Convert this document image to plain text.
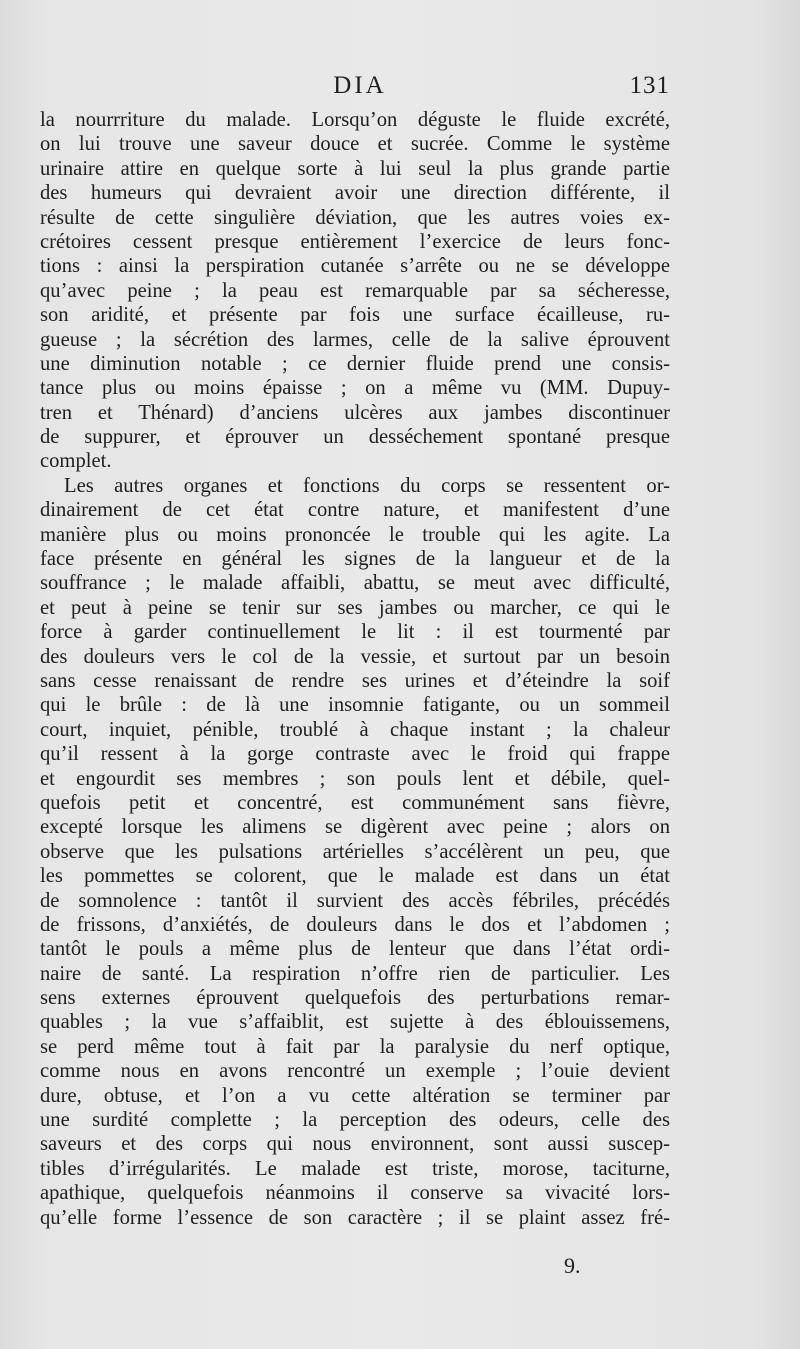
DIA	131
la nourrriture du malade. Lorsqu’on déguste le fluide excrété,
on lui trouve une saveur douce et sucrée. Comme le système
urinaire attire en quelque sorte à lui seul la plus grande partie
des humeurs qui devraient avoir une direction différente, il
résulte de cette singulière déviation, que les autres voies ex-
crétoires cessent presque entièrement l’exercice de leurs fonc-
tions : ainsi la perspiration cutanée s’arrête ou ne se développe
qu’avec peine ; la peau est remarquable par sa sécheresse,
son aridité, et présente par fois une surface écailleuse, ru-
gueuse ; la sécrétion des larmes, celle de la salive éprouvent
une diminution notable ; ce dernier fluide prend une consis-
tance plus ou moins épaisse ; on a même vu (MM. Dupuy-
tren et Thénard) d’anciens ulcères aux jambes discontinuer
de suppurer, et éprouver un desséchement spontané presque
complet.
Les autres organes et fonctions du corps se ressentent or-
dinairement de cet état contre nature, et manifestent d’une
manière plus ou moins prononcée le trouble qui les agite. La
face présente en général les signes de la langueur et de la
souffrance ; le malade affaibli, abattu, se meut avec difficulté,
et peut à peine se tenir sur ses jambes ou marcher, ce qui le
force à garder continuellement le lit : il est tourmenté par
des douleurs vers le col de la vessie, et surtout par un besoin
sans cesse renaissant de rendre ses urines et d’éteindre la soif
qui le brûle : de là une insomnie fatigante, ou un sommeil
court, inquiet, pénible, troublé à chaque instant ; la chaleur
qu’il ressent à la gorge contraste avec le froid qui frappe
et engourdit ses membres ; son pouls lent et débile, quel-
quefois petit et concentré, est communément sans fièvre,
excepté lorsque les alimens se digèrent avec peine ; alors on
observe que les pulsations artérielles s’accélèrent un peu, que
les pommettes se colorent, que le malade est dans un état
de somnolence : tantôt il survient des accès fébriles, précédés
de frissons, d’anxiétés, de douleurs dans le dos et l’abdomen ;
tantôt le pouls a même plus de lenteur que dans l’état ordi-
naire de santé. La respiration n’offre rien de particulier. Les
sens externes éprouvent quelquefois des perturbations remar-
quables ; la vue s’affaiblit, est sujette à des éblouissemens,
se perd même tout à fait par la paralysie du nerf optique,
comme nous en avons rencontré un exemple ; l’ouie devient
dure, obtuse, et l’on a vu cette altération se terminer par
une surdité complette ; la perception des odeurs, celle des
saveurs et des corps qui nous environnent, sont aussi suscep-
tibles d’irrégularités. Le malade est triste, morose, taciturne,
apathique, quelquefois néanmoins il conserve sa vivacité lors-
qu’elle forme l’essence de son caractère ; il se plaint assez fré-
9.
